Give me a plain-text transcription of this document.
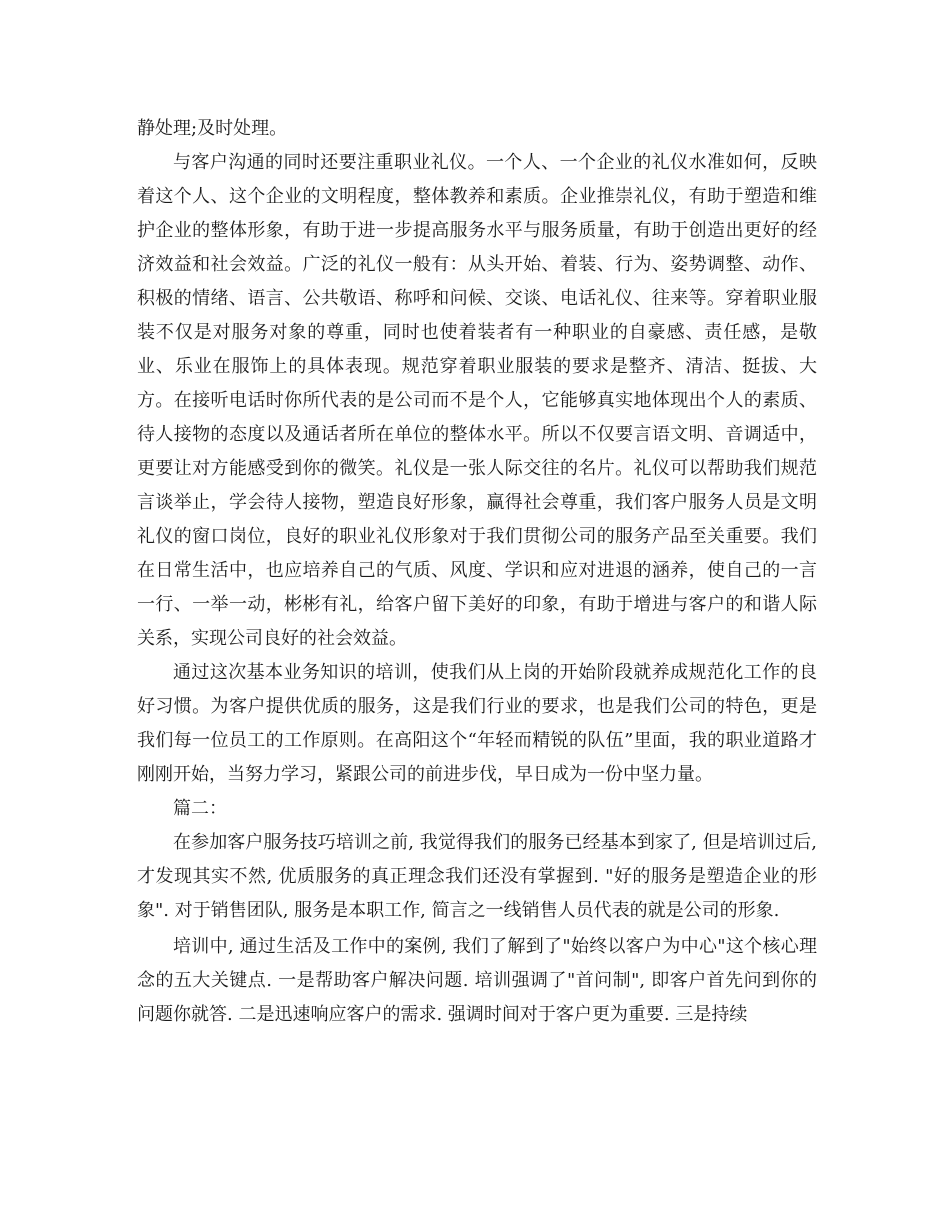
静处理;及时处理。

与客户沟通的同时还要注重职业礼仪。一个人、一个企业的礼仪水准如何，反映着这个人、这个企业的文明程度，整体教养和素质。企业推崇礼仪，有助于塑造和维护企业的整体形象，有助于进一步提高服务水平与服务质量，有助于创造出更好的经济效益和社会效益。广泛的礼仪一般有：从头开始、着装、行为、姿势调整、动作、积极的情绪、语言、公共敬语、称呼和问候、交谈、电话礼仪、往来等。穿着职业服装不仅是对服务对象的尊重，同时也使着装者有一种职业的自豪感、责任感，是敬业、乐业在服饰上的具体表现。规范穿着职业服装的要求是整齐、清洁、挺拔、大方。在接听电话时你所代表的是公司而不是个人，它能够真实地体现出个人的素质、待人接物的态度以及通话者所在单位的整体水平。所以不仅要言语文明、音调适中，更要让对方能感受到你的微笑。礼仪是一张人际交往的名片。礼仪可以帮助我们规范言谈举止，学会待人接物，塑造良好形象，赢得社会尊重，我们客户服务人员是文明礼仪的窗口岗位，良好的职业礼仪形象对于我们贯彻公司的服务产品至关重要。我们在日常生活中，也应培养自己的气质、风度、学识和应对进退的涵养，使自己的一言一行、一举一动，彬彬有礼，给客户留下美好的印象，有助于增进与客户的和谐人际关系，实现公司良好的社会效益。

通过这次基本业务知识的培训，使我们从上岗的开始阶段就养成规范化工作的良好习惯。为客户提供优质的服务，这是我们行业的要求，也是我们公司的特色，更是我们每一位员工的工作原则。在高阳这个“年轻而精锐的队伍”里面，我的职业道路才刚刚开始，当努力学习，紧跟公司的前进步伐，早日成为一份中坚力量。

篇二：

在参加客户服务技巧培训之前, 我觉得我们的服务已经基本到家了, 但是培训过后, 才发现其实不然, 优质服务的真正理念我们还没有掌握到. "好的服务是塑造企业的形象". 对于销售团队, 服务是本职工作, 简言之一线销售人员代表的就是公司的形象.

培训中, 通过生活及工作中的案例, 我们了解到了"始终以客户为中心"这个核心理念的五大关键点. 一是帮助客户解决问题. 培训强调了"首问制", 即客户首先问到你的问题你就答. 二是迅速响应客户的需求. 强调时间对于客户更为重要. 三是持续
